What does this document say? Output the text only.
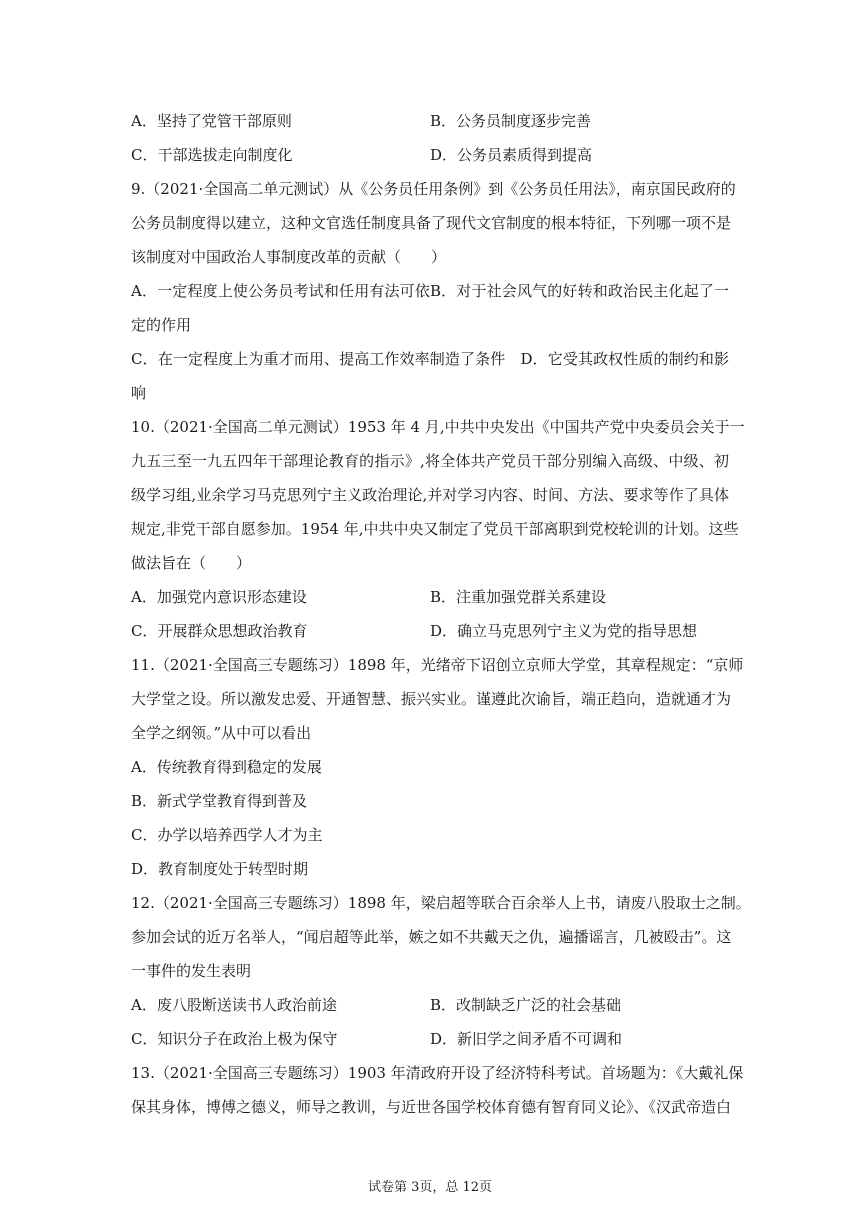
A．坚持了党管干部原则	B．公务员制度逐步完善
C．干部选拔走向制度化	D．公务员素质得到提高
9.（2021·全国高二单元测试）从《公务员任用条例》到《公务员任用法》，南京国民政府的
公务员制度得以建立，这种文官选任制度具备了现代文官制度的根本特征，下列哪一项不是
该制度对中国政治人事制度改革的贡献（　　）
A．一定程度上使公务员考试和任用有法可依B．对于社会风气的好转和政治民主化起了一
定的作用
C．在一定程度上为重才而用、提高工作效率制造了条件　D．它受其政权性质的制约和影
响
10.（2021·全国高二单元测试）1953 年 4 月,中共中央发出《中国共产党中央委员会关于一
九五三至一九五四年干部理论教育的指示》,将全体共产党员干部分别编入高级、中级、初
级学习组,业余学习马克思列宁主义政治理论,并对学习内容、时间、方法、要求等作了具体
规定,非党干部自愿参加。1954 年,中共中央又制定了党员干部离职到党校轮训的计划。这些
做法旨在（　　）
A．加强党内意识形态建设	B．注重加强党群关系建设
C．开展群众思想政治教育	D．确立马克思列宁主义为党的指导思想
11.（2021·全国高三专题练习）1898 年，光绪帝下诏创立京师大学堂，其章程规定：“京师
大学堂之设。所以激发忠爱、开通智慧、振兴实业。谨遵此次谕旨，端正趋向，造就通才为
全学之纲领。”从中可以看出
A．传统教育得到稳定的发展
B．新式学堂教育得到普及
C．办学以培养西学人才为主
D．教育制度处于转型时期
12.（2021·全国高三专题练习）1898 年，梁启超等联合百余举人上书，请废八股取士之制。
参加会试的近万名举人，“闻启超等此举，嫉之如不共戴天之仇，遍播谣言，几被殴击”。这
一事件的发生表明
A．废八股断送读书人政治前途	B．改制缺乏广泛的社会基础
C．知识分子在政治上极为保守	D．新旧学之间矛盾不可调和
13.（2021·全国高三专题练习）1903 年清政府开设了经济特科考试。首场题为：《大戴礼保
保其身体，博傅之德义，师导之教训，与近世各国学校体育德有智育同义论》、《汉武帝造白
试卷第 3页，总 12页
